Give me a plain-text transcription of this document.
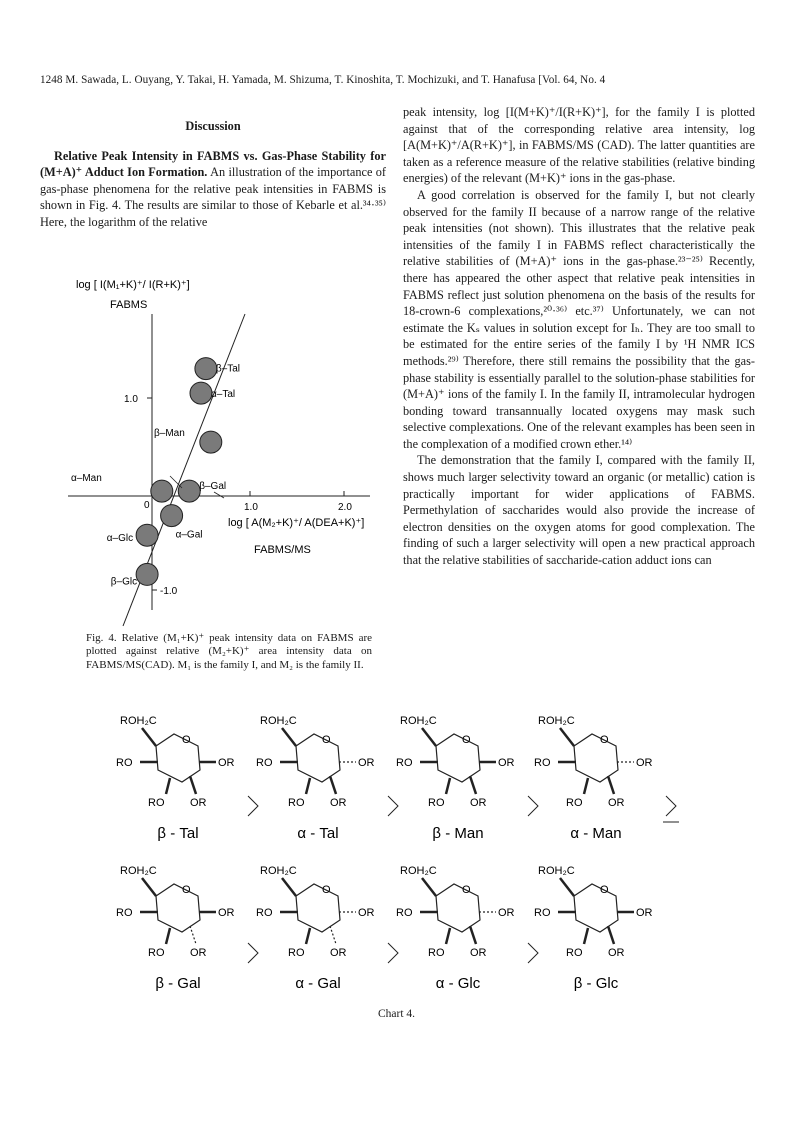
1248 M. Sawada, L. Ouyang, Y. Takai, H. Yamada, M. Shizuma, T. Kinoshita, T. Mochizuki, and T. Hanafusa [Vol. 64, No. 4

Discussion

Relative Peak Intensity in FABMS vs. Gas-Phase Stability for (M+A)⁺ Adduct Ion Formation. An illustration of the importance of gas-phase phenomena for the relative peak intensities in FABMS is shown in Fig. 4. The results are similar to those of Kebarle et al.³⁴·³⁵⁾ Here, the logarithm of the relative

peak intensity, log [I(M+K)⁺/I(R+K)⁺], for the family I is plotted against that of the corresponding relative area intensity, log [A(M+K)⁺/A(R+K)⁺], in FABMS/MS (CAD). The latter quantities are taken as a reference measure of the relative stabilities (relative binding energies) of the relevant (M+K)⁺ ions in the gas-phase.

A good correlation is observed for the family I, but not clearly observed for the family II because of a narrow range of the relative peak intensities (not shown). This illustrates that the relative peak intensities of the family I in FABMS reflect characteristically the relative stabilities of (M+A)⁺ ions in the gas-phase.²³⁻²⁵⁾ Recently, there has appeared the other aspect that relative peak intensities in FABMS reflect just solution phenomena on the basis of the results for 18-crown-6 complexations,²⁰·³⁶⁾ etc.³⁷⁾ Unfortunately, we can not estimate the Kₛ values in solution except for Iₕ. They are too small to be estimated for the entire series of the family I by ¹H NMR ICS methods.²⁹⁾ Therefore, there still remains the possibility that the gas-phase stability is essentially parallel to the solution-phase stabilities for (M+A)⁺ ions of the family I. In the family II, intramolecular hydrogen bonding toward transannually located oxygens may mask such selective complexations. One of the relevant examples has been seen in the complexation of a modified crown ether.¹⁴⁾

The demonstration that the family I, compared with the family II, shows much larger selectivity toward an organic (or metallic) cation is practically important for wider applications of FABMS. Permethylation of saccharides would also provide the increase of electron densities on the oxygen atoms for good complexation. The finding of such a larger selectivity will open a new practical approach that the relative stabilities of saccharide-cation adduct ions can

log [ I(M₁+K)⁺/ I(R+K)⁺]
FABMS
1.0	2.0
1.0
-1.0
0
log [ A(M₂+K)⁺/ A(DEA+K)⁺]
FABMS/MS
β–Tal
α–Tal
β–Man
α–Man
β–Gal
α–Gal
α–Glc
β–Glc
Fig. 4. Relative (M₁+K)⁺ peak intensity data on FABMS are plotted against relative (M₂+K)⁺ area intensity data on FABMS/MS(CAD). M₁ is the family I, and M₂ is the family II.
ROH₂C
O
RO	OR
RO OR
β - Tal
ROH₂C
O
RO	OR
RO OR
α - Tal
ROH₂C
O
RO	OR
RO OR
β - Man
ROH₂C
O
RO	OR
RO OR
α - Man
ROH₂C
O
RO	OR
RO OR
β - Gal
ROH₂C
O
RO	OR
RO OR
α - Gal
ROH₂C
O
RO	OR
RO OR
α - Glc
ROH₂C
O
RO	OR
RO OR
β - Glc
Chart 4.
